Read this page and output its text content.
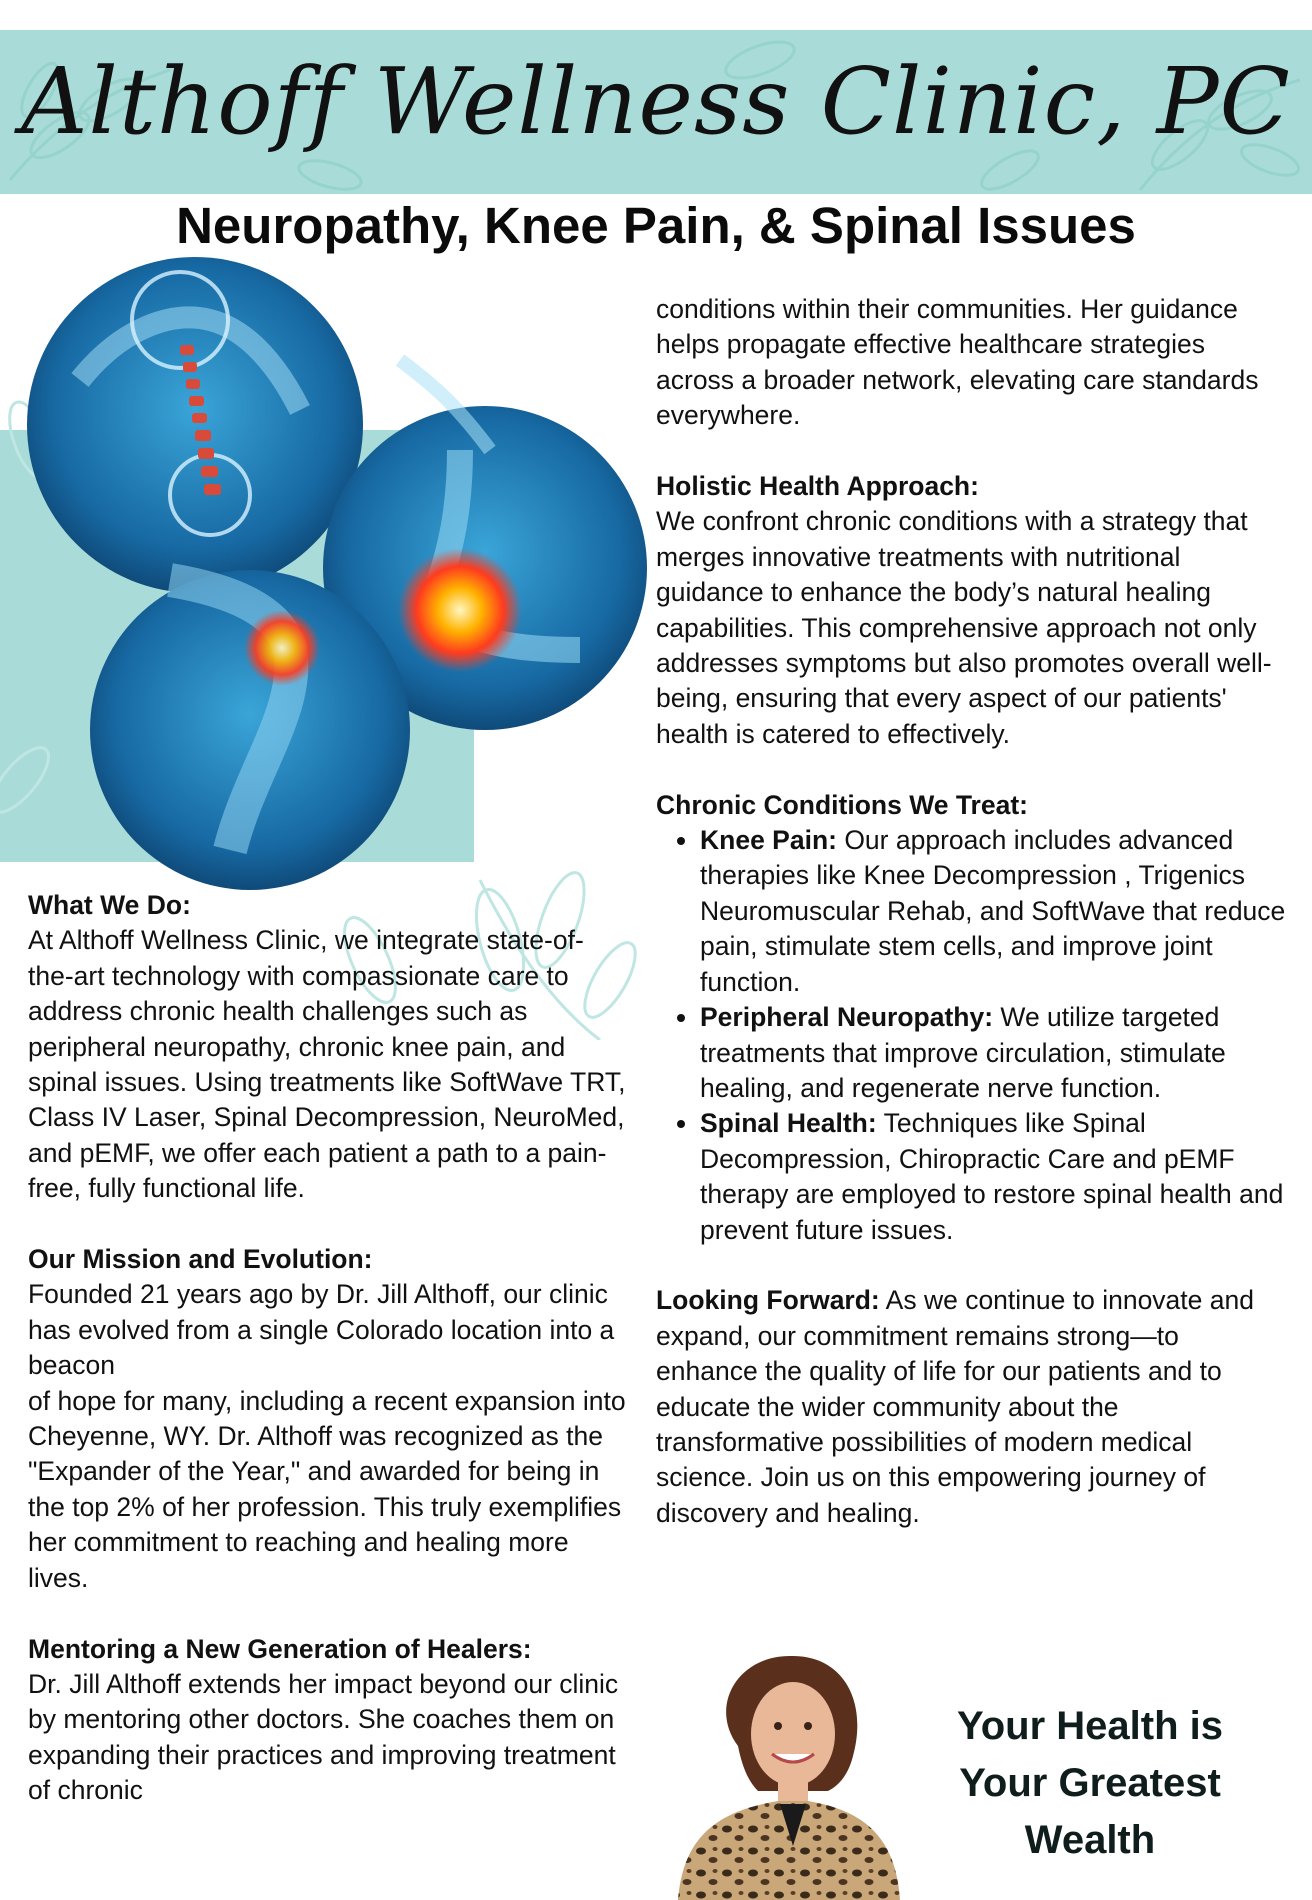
Althoff Wellness Clinic, PC
Neuropathy, Knee Pain, & Spinal Issues
What We Do:

At Althoff Wellness Clinic, we integrate state-of-the-art technology with compassionate care to address chronic health challenges such as peripheral neuropathy, chronic knee pain, and spinal issues. Using treatments like SoftWave TRT, Class IV Laser, Spinal Decompression, NeuroMed, and pEMF, we offer each patient a path to a pain-free, fully functional life.

Our Mission and Evolution:

Founded 21 years ago by Dr. Jill Althoff, our clinic has evolved from a single Colorado location into a beacon

of hope for many, including a recent expansion into Cheyenne, WY. Dr. Althoff was recognized as the "Expander of the Year," and awarded for being in the top 2% of her profession. This truly exemplifies her commitment to reaching and healing more lives.

Mentoring a New Generation of Healers:

Dr. Jill Althoff extends her impact beyond our clinic by mentoring other doctors. She coaches them on expanding their practices and improving treatment of chronic

conditions within their communities. Her guidance helps propagate effective healthcare strategies across a broader network, elevating care standards everywhere.

Holistic Health Approach:

We confront chronic conditions with a strategy that merges innovative treatments with nutritional guidance to enhance the body’s natural healing capabilities. This comprehensive approach not only addresses symptoms but also promotes overall well-being, ensuring that every aspect of our patients' health is catered to effectively.

Chronic Conditions We Treat:
• Knee Pain: Our approach includes advanced therapies like Knee Decompression , Trigenics Neuromuscular Rehab, and SoftWave that reduce pain, stimulate stem cells, and improve joint function.
• Peripheral Neuropathy: We utilize targeted treatments that improve circulation, stimulate healing, and regenerate nerve function.
• Spinal Health: Techniques like Spinal Decompression, Chiropractic Care and pEMF therapy are employed to restore spinal health and prevent future issues.

Looking Forward: As we continue to innovate and expand, our commitment remains strong—to enhance the quality of life for our patients and to educate the wider community about the transformative possibilities of modern medical science. Join us on this empowering journey of discovery and healing.

Your Health is
Your Greatest
Wealth
